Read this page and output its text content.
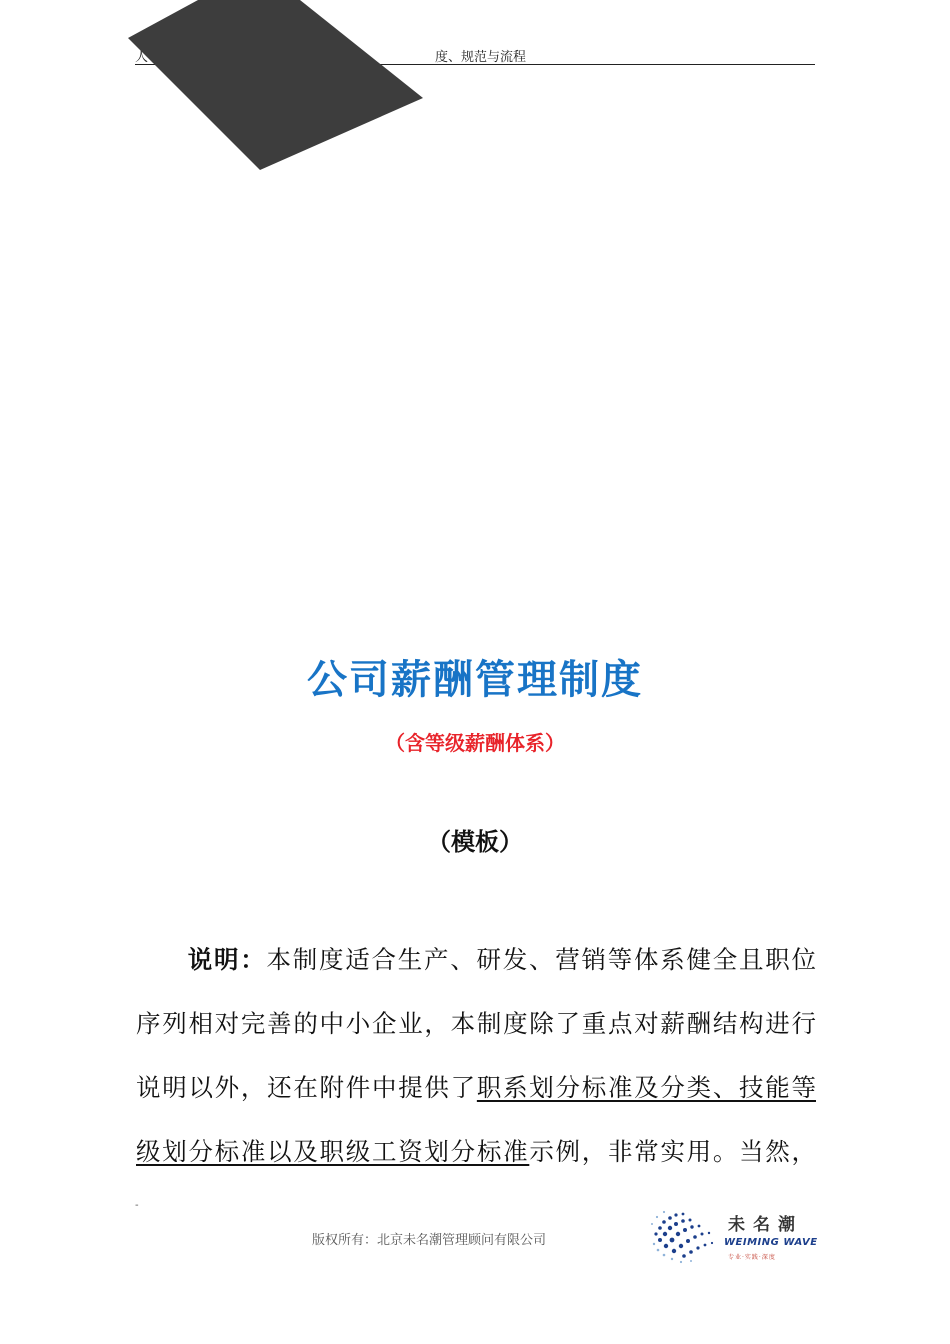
人	度、规范与流程
公司薪酬管理制度
（含等级薪酬体系）
（模板）
说明：本制度适合生产、研发、营销等体系健全且职位
序列相对完善的中小企业，本制度除了重点对薪酬结构进行
说明以外，还在附件中提供了职系划分标准及分类、技能等
级划分标准以及职级工资划分标准示例，非常实用。当然，
-
版权所有：北京未名潮管理顾问有限公司
未名潮
WEIMING WAVE
专业·实践·深度
